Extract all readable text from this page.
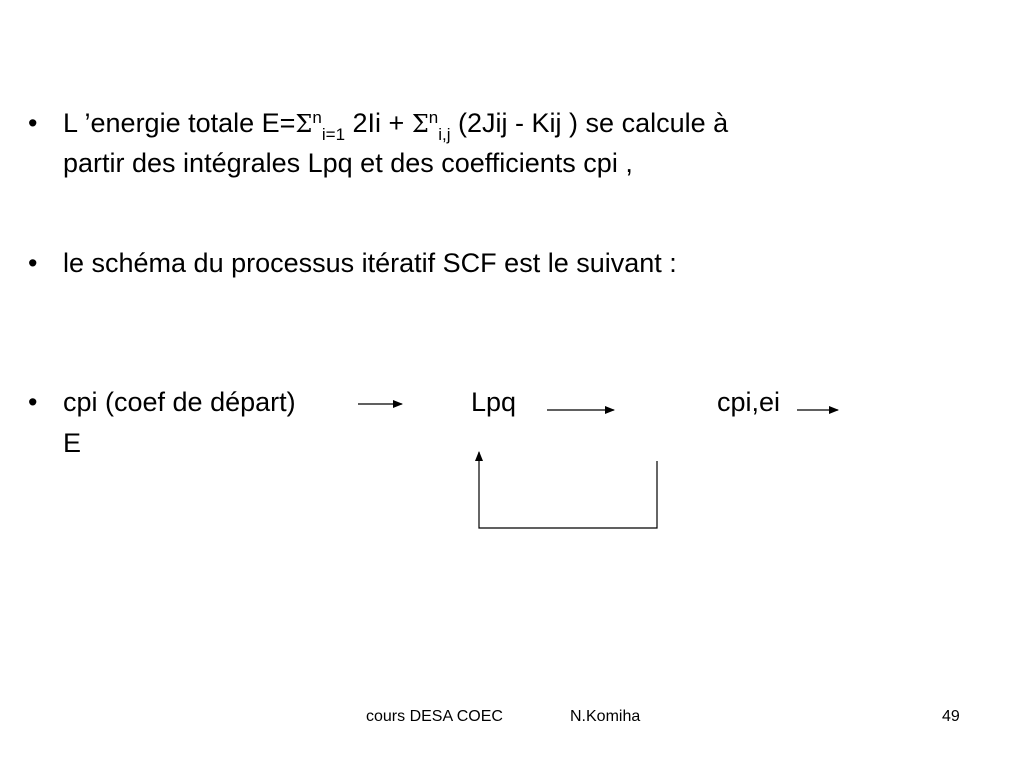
• L ’energie totale $E=\Sigma^n_{i=1}$ $2Ii + \Sigma^n_{i,j}$ (2Jij - Kij ) se calcule à
partir des intégrales Lpq et des coefficients cpi ,
• le schéma du processus itératif SCF est le suivant :
• cpi (coef de départ)	Lpq	cpi,ei
E
cours DESA COEC	N.Komiha	49
